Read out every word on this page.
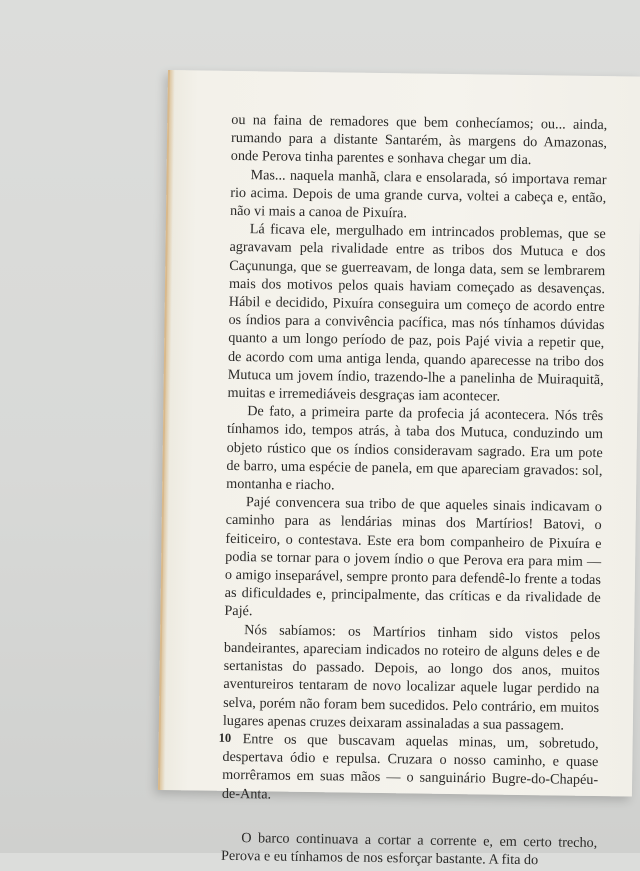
ou na faina de remadores que bem conhecíamos; ou... ainda, rumando para a distante Santarém, às margens do Amazonas, onde Perova tinha parentes e sonhava chegar um dia.

Mas... naquela manhã, clara e ensolarada, só importava remar rio acima. Depois de uma grande curva, voltei a cabeça e, então, não vi mais a canoa de Pixuíra.

Lá ficava ele, mergulhado em intrincados problemas, que se agravavam pela rivalidade entre as tribos dos Mutuca e dos Caçununga, que se guerreavam, de longa data, sem se lembrarem mais dos motivos pelos quais haviam começado as desavenças. Hábil e decidido, Pixuíra conseguira um começo de acordo entre os índios para a convivência pacífica, mas nós tínhamos dúvidas quanto a um longo período de paz, pois Pajé vivia a repetir que, de acordo com uma antiga lenda, quando aparecesse na tribo dos Mutuca um jovem índio, trazendo-lhe a panelinha de Muiraquitã, muitas e irremediáveis desgraças iam acontecer.

De fato, a primeira parte da profecia já acontecera. Nós três tínhamos ido, tempos atrás, à taba dos Mutuca, conduzindo um objeto rústico que os índios consideravam sagrado. Era um pote de barro, uma espécie de panela, em que apareciam gravados: sol, montanha e riacho.

Pajé convencera sua tribo de que aqueles sinais indicavam o caminho para as lendárias minas dos Martírios! Batovi, o feiticeiro, o contestava. Este era bom companheiro de Pixuíra e podia se tornar para o jovem índio o que Perova era para mim — o amigo inseparável, sempre pronto para defendê-lo frente a todas as dificuldades e, principalmente, das críticas e da rivalidade de Pajé.

Nós sabíamos: os Martírios tinham sido vistos pelos bandeirantes, apareciam indicados no roteiro de alguns deles e de sertanistas do passado. Depois, ao longo dos anos, muitos aventureiros tentaram de novo localizar aquele lugar perdido na selva, porém não foram bem sucedidos. Pelo contrário, em muitos lugares apenas cruzes deixaram assinaladas a sua passagem.

Entre os que buscavam aquelas minas, um, sobretudo, despertava ódio e repulsa. Cruzara o nosso caminho, e quase morrêramos em suas mãos — o sanguinário Bugre-do-Chapéu-de-Anta.

O barco continuava a cortar a corrente e, em certo trecho, Perova e eu tínhamos de nos esforçar bastante. A fita do

10
